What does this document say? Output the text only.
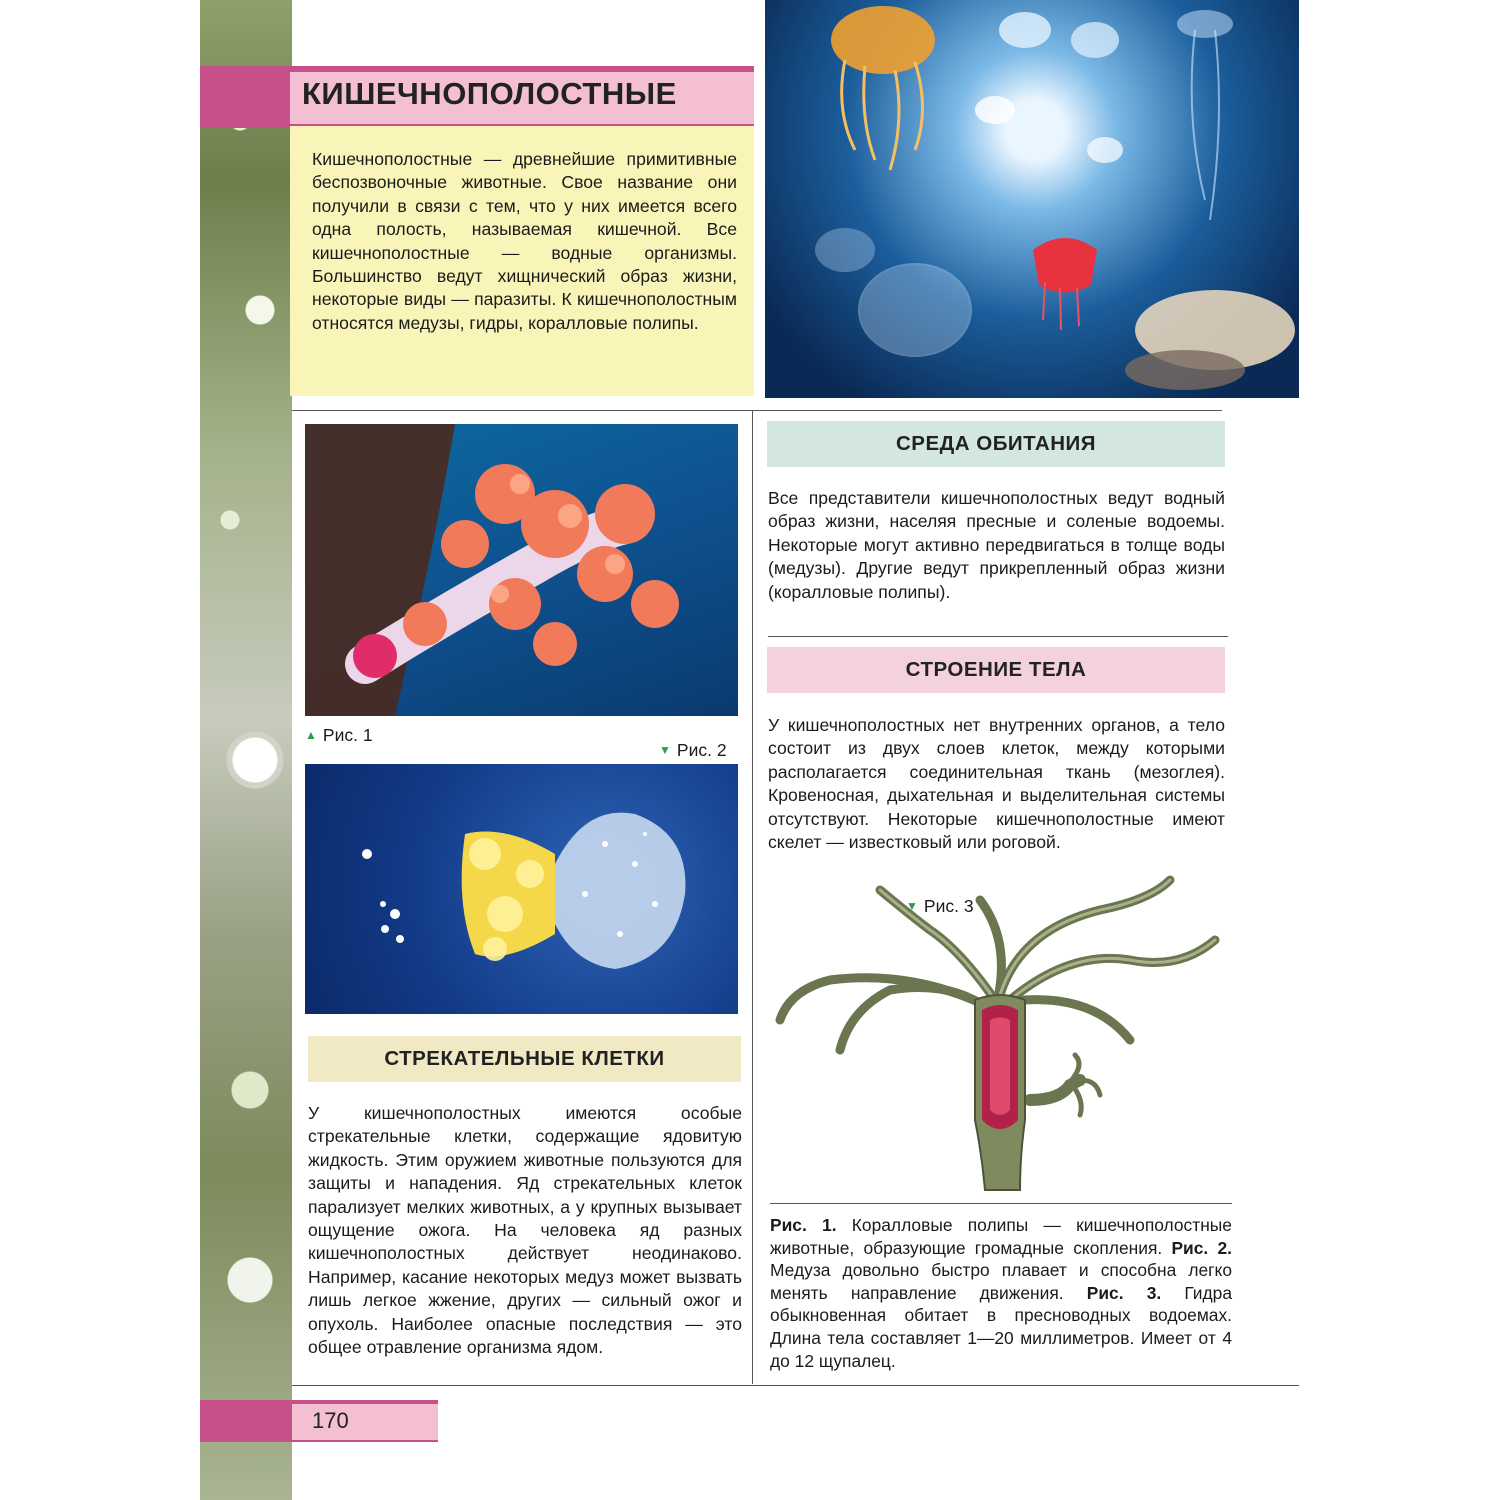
КИШЕЧНОПОЛОСТНЫЕ
Кишечнополостные — древнейшие примитивные беспозвоночные животные. Свое название они получили в связи с тем, что у них имеется всего одна полость, называемая кишечной. Все кишечнополостные — водные организмы. Большинство ведут хищнический образ жизни, некоторые виды — паразиты. К кишечнополостным относятся медузы, гидры, коралловые полипы.
▲ Рис. 1
▼ Рис. 2
СРЕДА ОБИТАНИЯ
Все представители кишечнополостных ведут водный образ жизни, населяя пресные и соленые водоемы. Некоторые могут активно передвигаться в толще воды (медузы). Другие ведут прикрепленный образ жизни (коралловые полипы).
СТРОЕНИЕ ТЕЛА
У кишечнополостных нет внутренних органов, а тело состоит из двух слоев клеток, между которыми располагается соединительная ткань (мезоглея). Кровеносная, дыхательная и выделительная системы отсутствуют. Некоторые кишечнополостные имеют скелет — известковый или роговой.
▼ Рис. 3
Рис. 1. Коралловые полипы — кишечнополостные животные, образующие громадные скопления. Рис. 2. Медуза довольно быстро плавает и способна легко менять направление движения. Рис. 3. Гидра обыкновенная обитает в пресноводных водоемах. Длина тела составляет 1—20 миллиметров. Имеет от 4 до 12 щупалец.
СТРЕКАТЕЛЬНЫЕ КЛЕТКИ
У кишечнополостных имеются особые стрекательные клетки, содержащие ядовитую жидкость. Этим оружием животные пользуются для защиты и нападения. Яд стрекательных клеток парализует мелких животных, а у крупных вызывает ощущение ожога. На человека яд разных кишечнополостных действует неодинаково. Например, касание некоторых медуз может вызвать лишь легкое жжение, других — сильный ожог и опухоль. Наиболее опасные последствия — это общее отравление организма ядом.
170
